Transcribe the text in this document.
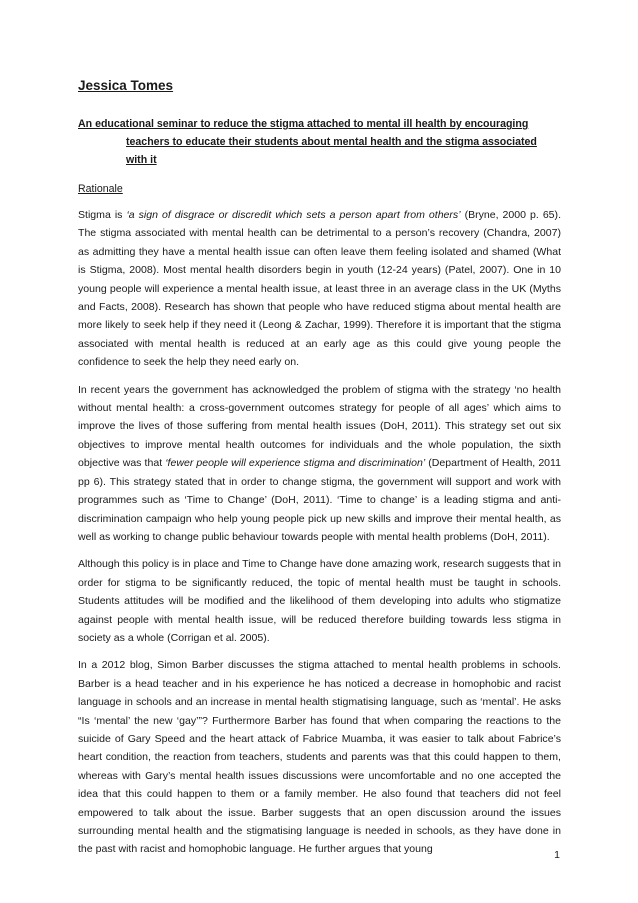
Jessica Tomes
An educational seminar to reduce the stigma attached to mental ill health by encouraging teachers to educate their students about mental health and the stigma associated with it
Rationale

Stigma is ‘a sign of disgrace or discredit which sets a person apart from others’ (Bryne, 2000 p. 65). The stigma associated with mental health can be detrimental to a person’s recovery (Chandra, 2007) as admitting they have a mental health issue can often leave them feeling isolated and shamed (What is Stigma, 2008). Most mental health disorders begin in youth (12-24 years) (Patel, 2007). One in 10 young people will experience a mental health issue, at least three in an average class in the UK (Myths and Facts, 2008). Research has shown that people who have reduced stigma about mental health are more likely to seek help if they need it (Leong & Zachar, 1999). Therefore it is important that the stigma associated with mental health is reduced at an early age as this could give young people the confidence to seek the help they need early on.

In recent years the government has acknowledged the problem of stigma with the strategy ‘no health without mental health: a cross-government outcomes strategy for people of all ages’ which aims to improve the lives of those suffering from mental health issues (DoH, 2011). This strategy set out six objectives to improve mental health outcomes for individuals and the whole population, the sixth objective was that ‘fewer people will experience stigma and discrimination’ (Department of Health, 2011 pp 6). This strategy stated that in order to change stigma, the government will support and work with programmes such as ‘Time to Change’ (DoH, 2011). ‘Time to change’ is a leading stigma and anti-discrimination campaign who help young people pick up new skills and improve their mental health, as well as working to change public behaviour towards people with mental health problems (DoH, 2011).

Although this policy is in place and Time to Change have done amazing work, research suggests that in order for stigma to be significantly reduced, the topic of mental health must be taught in schools. Students attitudes will be modified and the likelihood of them developing into adults who stigmatize against people with mental health issue, will be reduced therefore building towards less stigma in society as a whole (Corrigan et al. 2005).

In a 2012 blog, Simon Barber discusses the stigma attached to mental health problems in schools. Barber is a head teacher and in his experience he has noticed a decrease in homophobic and racist language in schools and an increase in mental health stigmatising language, such as ‘mental’. He asks “Is ‘mental’ the new ‘gay’”? Furthermore Barber has found that when comparing the reactions to the suicide of Gary Speed and the heart attack of Fabrice Muamba, it was easier to talk about Fabrice’s heart condition, the reaction from teachers, students and parents was that this could happen to them, whereas with Gary’s mental health issues discussions were uncomfortable and no one accepted the idea that this could happen to them or a family member. He also found that teachers did not feel empowered to talk about the issue. Barber suggests that an open discussion around the issues surrounding mental health and the stigmatising language is needed in schools, as they have done in the past with racist and homophobic language. He further argues that young	1
